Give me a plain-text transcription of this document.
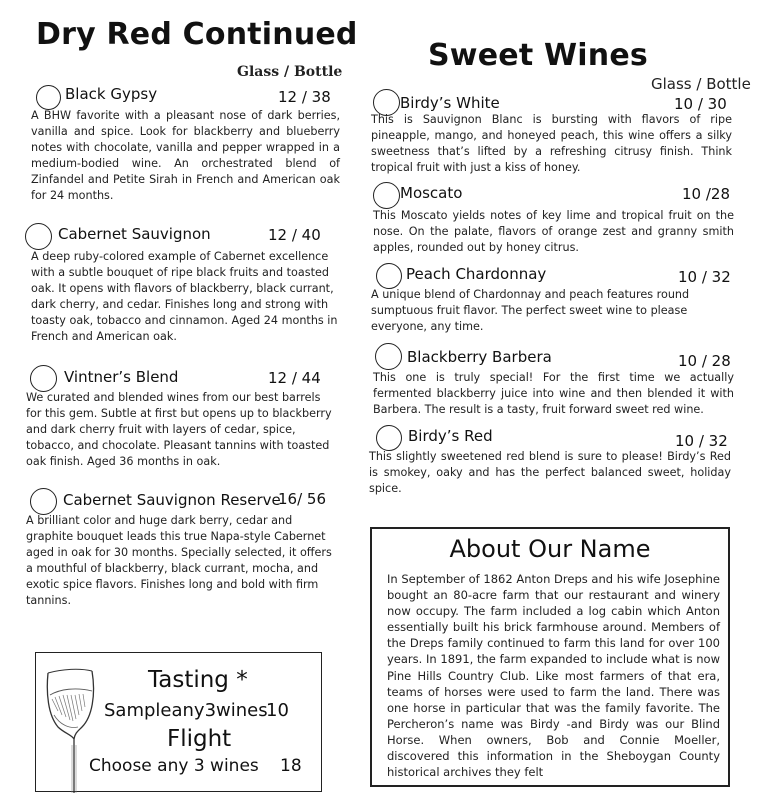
Dry Red Continued
Glass / Bottle
Black Gypsy	12 / 38
A BHW favorite with a pleasant nose of dark berries, vanilla and spice. Look for blackberry and blueberry notes with chocolate, vanilla and pepper wrapped in a medium-bodied wine. An orchestrated blend of Zinfandel and Petite Sirah in French and American oak for 24 months.
Cabernet Sauvignon	12 / 40
A deep ruby-colored example of Cabernet excellence with a subtle bouquet of ripe black fruits and toasted oak. It opens with flavors of blackberry, black currant, dark cherry, and cedar. Finishes long and strong with toasty oak, tobacco and cinnamon. Aged 24 months in French and American oak.
Vintner’s Blend	12 / 44
We curated and blended wines from our best barrels for this gem. Subtle at first but opens up to blackberry and dark cherry fruit with layers of cedar, spice, tobacco, and chocolate. Pleasant tannins with toasted oak finish. Aged 36 months in oak.
Cabernet Sauvignon Reserve
16/ 56
A brilliant color and huge dark berry, cedar and graphite bouquet leads this true Napa-style Cabernet aged in oak for 30 months. Specially selected, it offers a mouthful of blackberry, black currant, mocha, and exotic spice flavors. Finishes long and bold with firm tannins.
Tasting *
Sampleany3wines
10
Flight
Choose any 3 wines 18
Sweet Wines
Glass / Bottle
Birdy’s White	10 / 30
This is Sauvignon Blanc is bursting with flavors of ripe pineapple, mango, and honeyed peach, this wine offers a silky sweetness that’s lifted by a refreshing citrusy finish. Think tropical fruit with just a kiss of honey.
Moscato	10 /28
This Moscato yields notes of key lime and tropical fruit on the nose. On the palate, flavors of orange zest and granny smith apples, rounded out by honey citrus.
Peach Chardonnay	10 / 32
A unique blend of Chardonnay and peach features round sumptuous fruit flavor. The perfect sweet wine to please everyone, any time.
Blackberry Barbera	10 / 28
This one is truly special! For the first time we actually fermented blackberry juice into wine and then blended it with Barbera. The result is a tasty, fruit forward sweet red wine.
Birdy’s Red	10 / 32
This slightly sweetened red blend is sure to please! Birdy’s Red is smokey, oaky and has the perfect balanced sweet, holiday spice.
About Our Name
In September of 1862 Anton Dreps and his wife Josephine bought an 80-acre farm that our restaurant and winery now occupy. The farm included a log cabin which Anton essentially built his brick farmhouse around. Members of the Dreps family continued to farm this land for over 100 years. In 1891, the farm expanded to include what is now Pine Hills Country Club. Like most farmers of that era, teams of horses were used to farm the land. There was one horse in particular that was the family favorite. The Percheron’s name was Birdy -and Birdy was our Blind Horse. When owners, Bob and Connie Moeller, discovered this information in the Sheboygan County historical archives they felt
